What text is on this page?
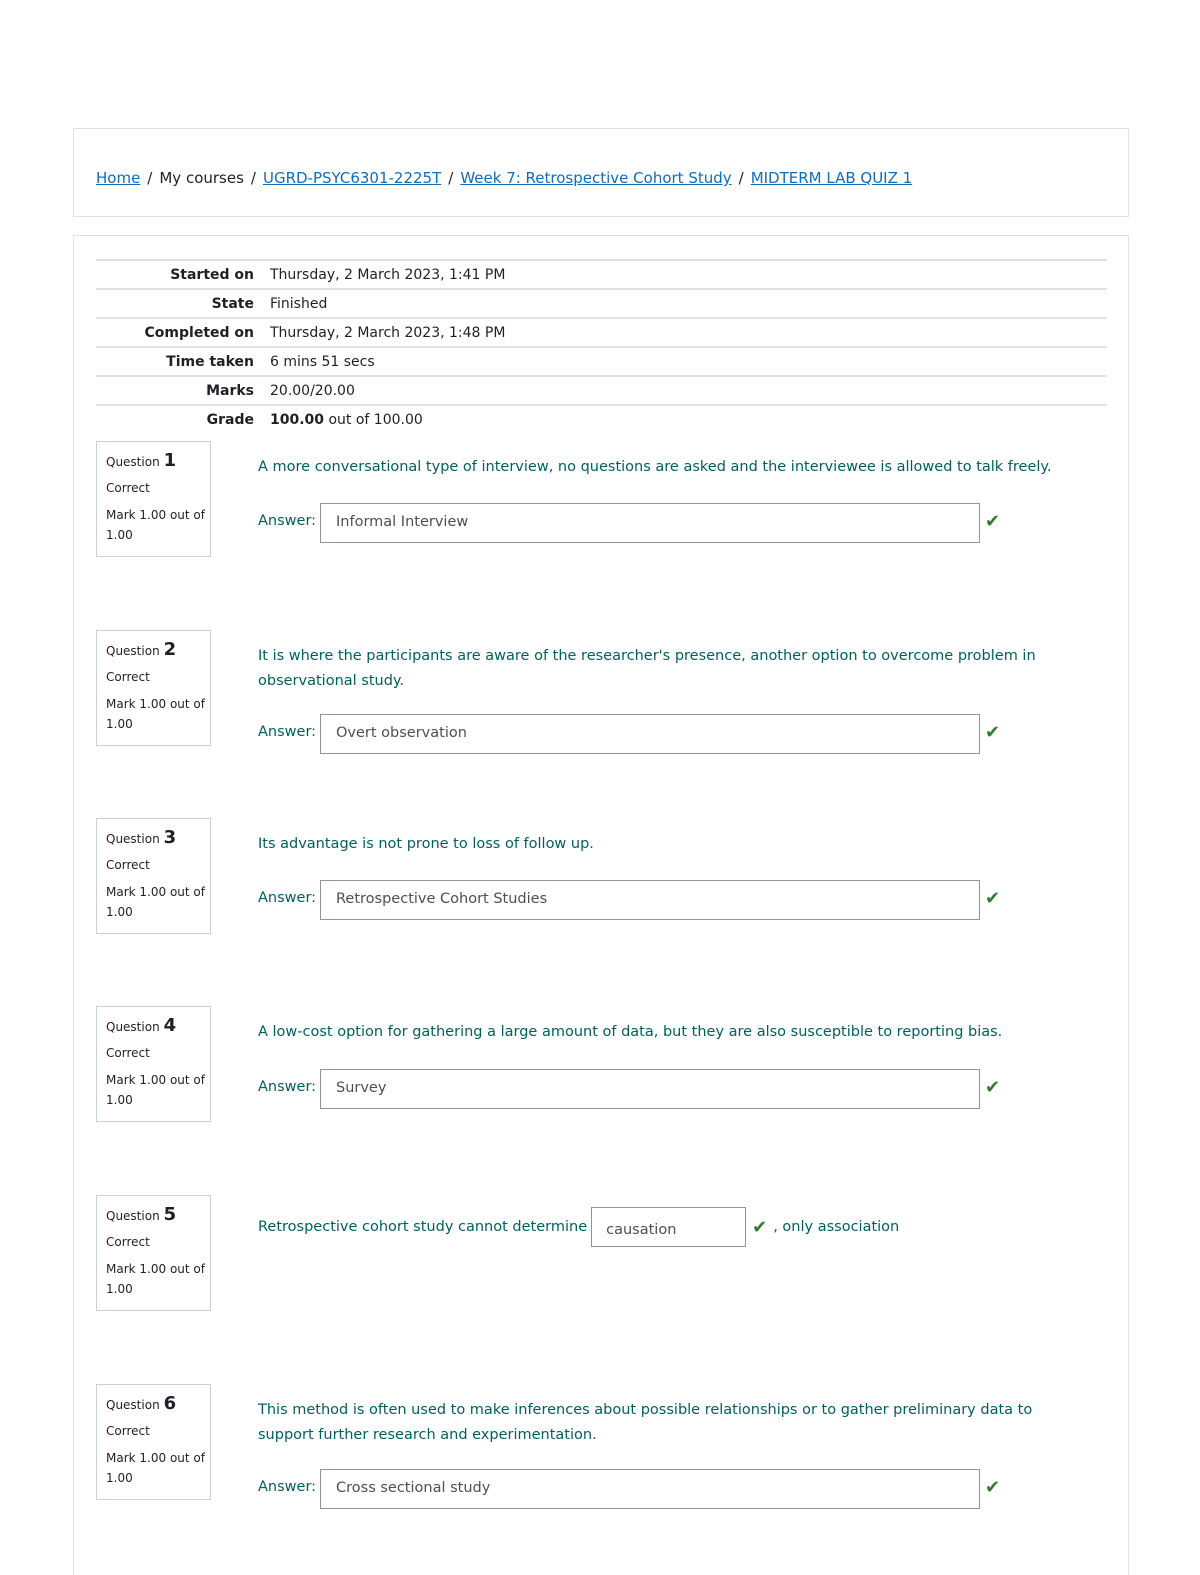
Home / My courses / UGRD-PSYC6301-2225T / Week 7: Retrospective Cohort Study / MIDTERM LAB QUIZ 1
Started on	Thursday, 2 March 2023, 1:41 PM
State	Finished
Completed on	Thursday, 2 March 2023, 1:48 PM
Time taken	6 mins 51 secs
Marks	20.00/20.00
Grade	100.00 out of 100.00
Question 1
Correct
Mark 1.00 out of 1.00
A more conversational type of interview, no questions are asked and the interviewee is allowed to talk freely.
Answer:	Informal Interview	✔
Question 2
Correct
Mark 1.00 out of 1.00
It is where the participants are aware of the researcher's presence, another option to overcome problem in observational study.
Answer:	Overt observation	✔
Question 3
Correct
Mark 1.00 out of 1.00
Its advantage is not prone to loss of follow up.
Answer:	Retrospective Cohort Studies	✔
Question 4
Correct
Mark 1.00 out of 1.00
A low-cost option for gathering a large amount of data, but they are also susceptible to reporting bias.
Answer:	Survey	✔
Question 5
Correct
Mark 1.00 out of 1.00
Retrospective cohort study cannot determine causation	✔ , only association
Question 6
Correct
Mark 1.00 out of 1.00
This method is often used to make inferences about possible relationships or to gather preliminary data to support further research and experimentation.
Answer:	Cross sectional study	✔
